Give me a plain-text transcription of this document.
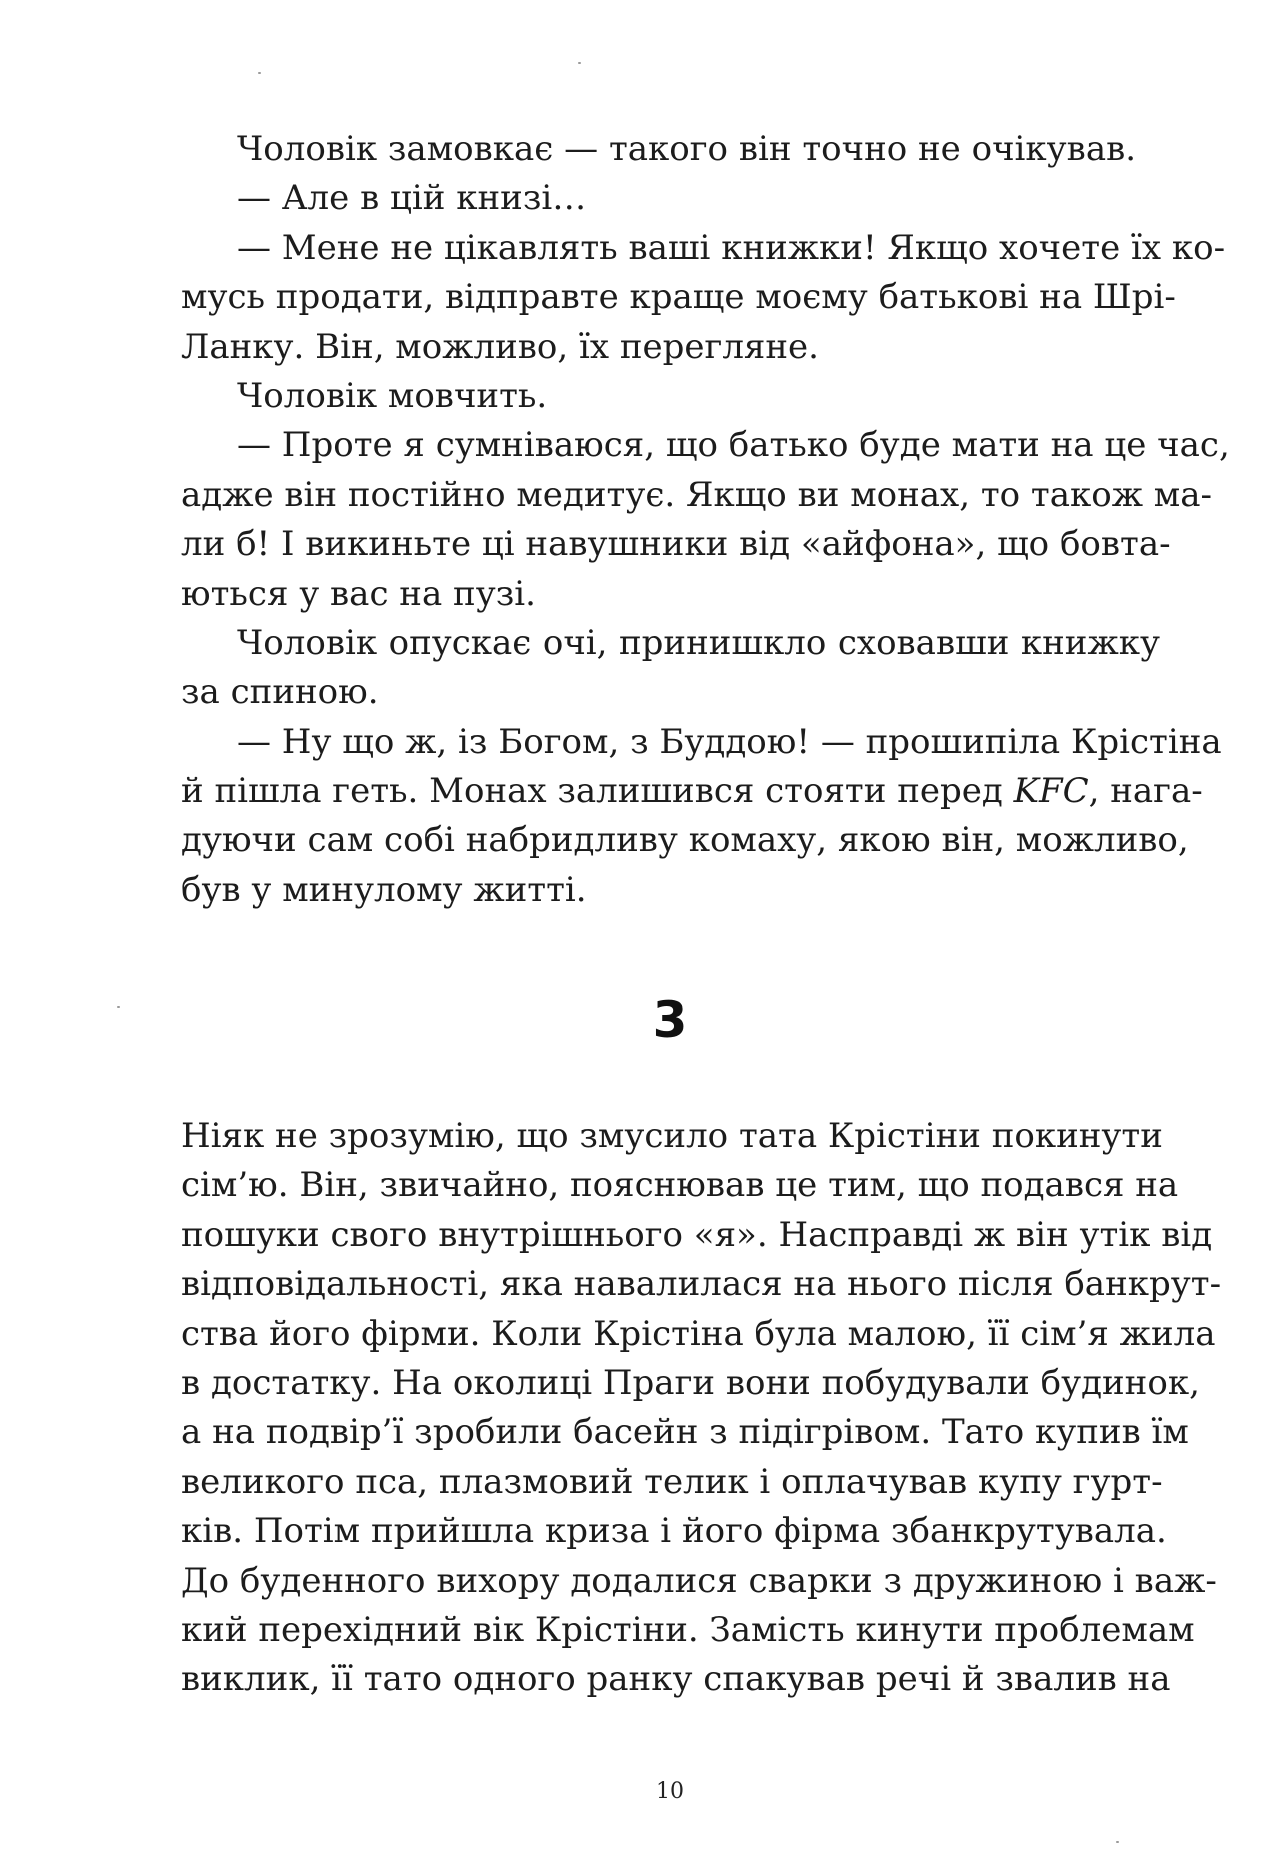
Чоловік замовкає — такого він точно не очікував.
— Але в цій книзі…
— Мене не цікавлять ваші книжки! Якщо хочете їх ко-
мусь продати, відправте краще моєму батькові на Шрі-
Ланку. Він, можливо, їх перегляне.
Чоловік мовчить.
— Проте я сумніваюся, що батько буде мати на це час,
адже він постійно медитує. Якщо ви монах, то також ма-
ли б! І викиньте ці навушники від «айфона», що бовта-
ються у вас на пузі.
Чоловік опускає очі, принишкло сховавши книжку
за спиною.
— Ну що ж, із Богом, з Буддою! — прошипіла Крістіна
й пішла геть. Монах залишився стояти перед KFC, нага-
дуючи сам собі набридливу комаху, якою він, можливо,
був у минулому житті.
3
Ніяк не зрозумію, що змусило тата Крістіни покинути
сім’ю. Він, звичайно, пояснював це тим, що подався на
пошуки свого внутрішнього «я». Насправді ж він утік від
відповідальності, яка навалилася на нього після банкрут-
ства його фірми. Коли Крістіна була малою, її сім’я жила
в достатку. На околиці Праги вони побудували будинок,
а на подвір’ї зробили басейн з підігрівом. Тато купив їм
великого пса, плазмовий телик і оплачував купу гурт-
ків. Потім прийшла криза і його фірма збанкрутувала.
До буденного вихору додалися сварки з дружиною і важ-
кий перехідний вік Крістіни. Замість кинути проблемам
виклик, її тато одного ранку спакував речі й звалив на
10
